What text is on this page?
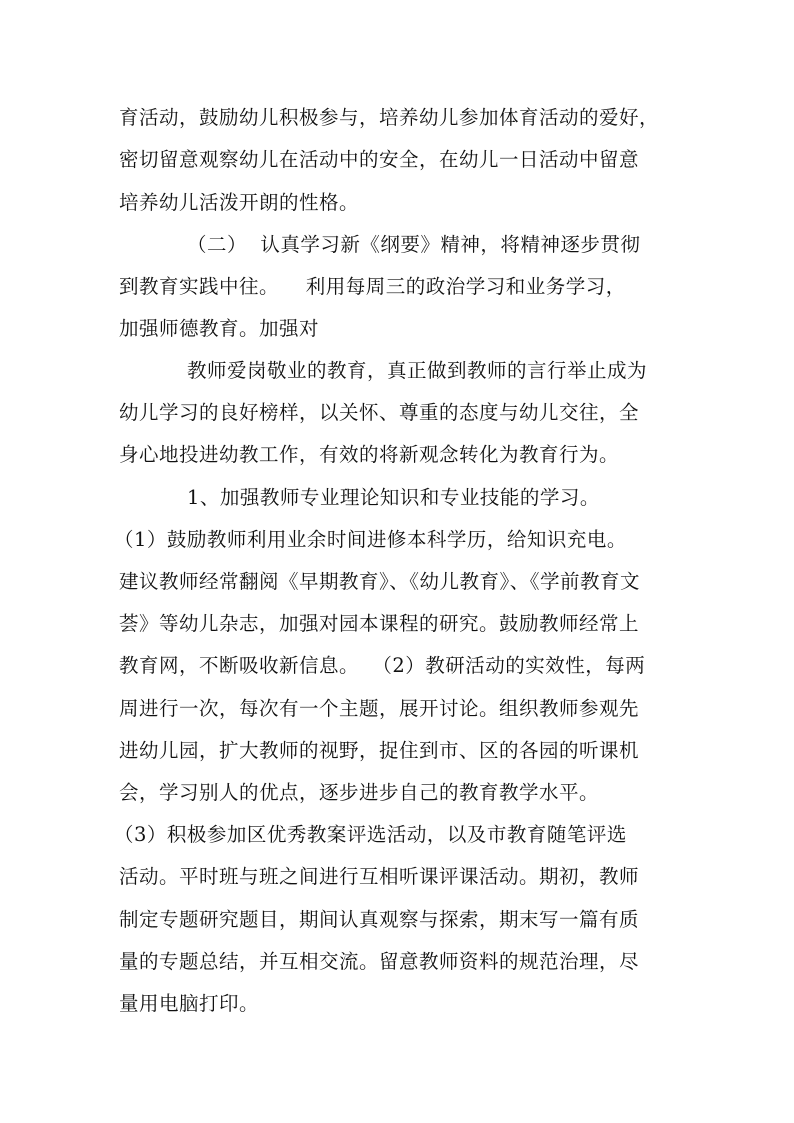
育活动，鼓励幼儿积极参与，培养幼儿参加体育活动的爱好，

密切留意观察幼儿在活动中的安全，在幼儿一日活动中留意

培养幼儿活泼开朗的性格。

（二）  认真学习新《纲要》精神，将精神逐步贯彻

到教育实践中往。    利用每周三的政治学习和业务学习，

加强师德教育。加强对

教师爱岗敬业的教育，真正做到教师的言行举止成为

幼儿学习的良好榜样，以关怀、尊重的态度与幼儿交往，全

身心地投进幼教工作，有效的将新观念转化为教育行为。

1、加强教师专业理论知识和专业技能的学习。

（1）鼓励教师利用业余时间进修本科学历，给知识充电。

建议教师经常翻阅《早期教育》、《幼儿教育》、《学前教育文

荟》等幼儿杂志，加强对园本课程的研究。鼓励教师经常上

教育网，不断吸收新信息。  （2）教研活动的实效性，每两

周进行一次，每次有一个主题，展开讨论。组织教师参观先

进幼儿园，扩大教师的视野，捉住到市、区的各园的听课机

会，学习别人的优点，逐步进步自己的教育教学水平。

（3）积极参加区优秀教案评选活动，以及市教育随笔评选

活动。平时班与班之间进行互相听课评课活动。期初，教师

制定专题研究题目，期间认真观察与探索，期末写一篇有质

量的专题总结，并互相交流。留意教师资料的规范治理，尽

量用电脑打印。
